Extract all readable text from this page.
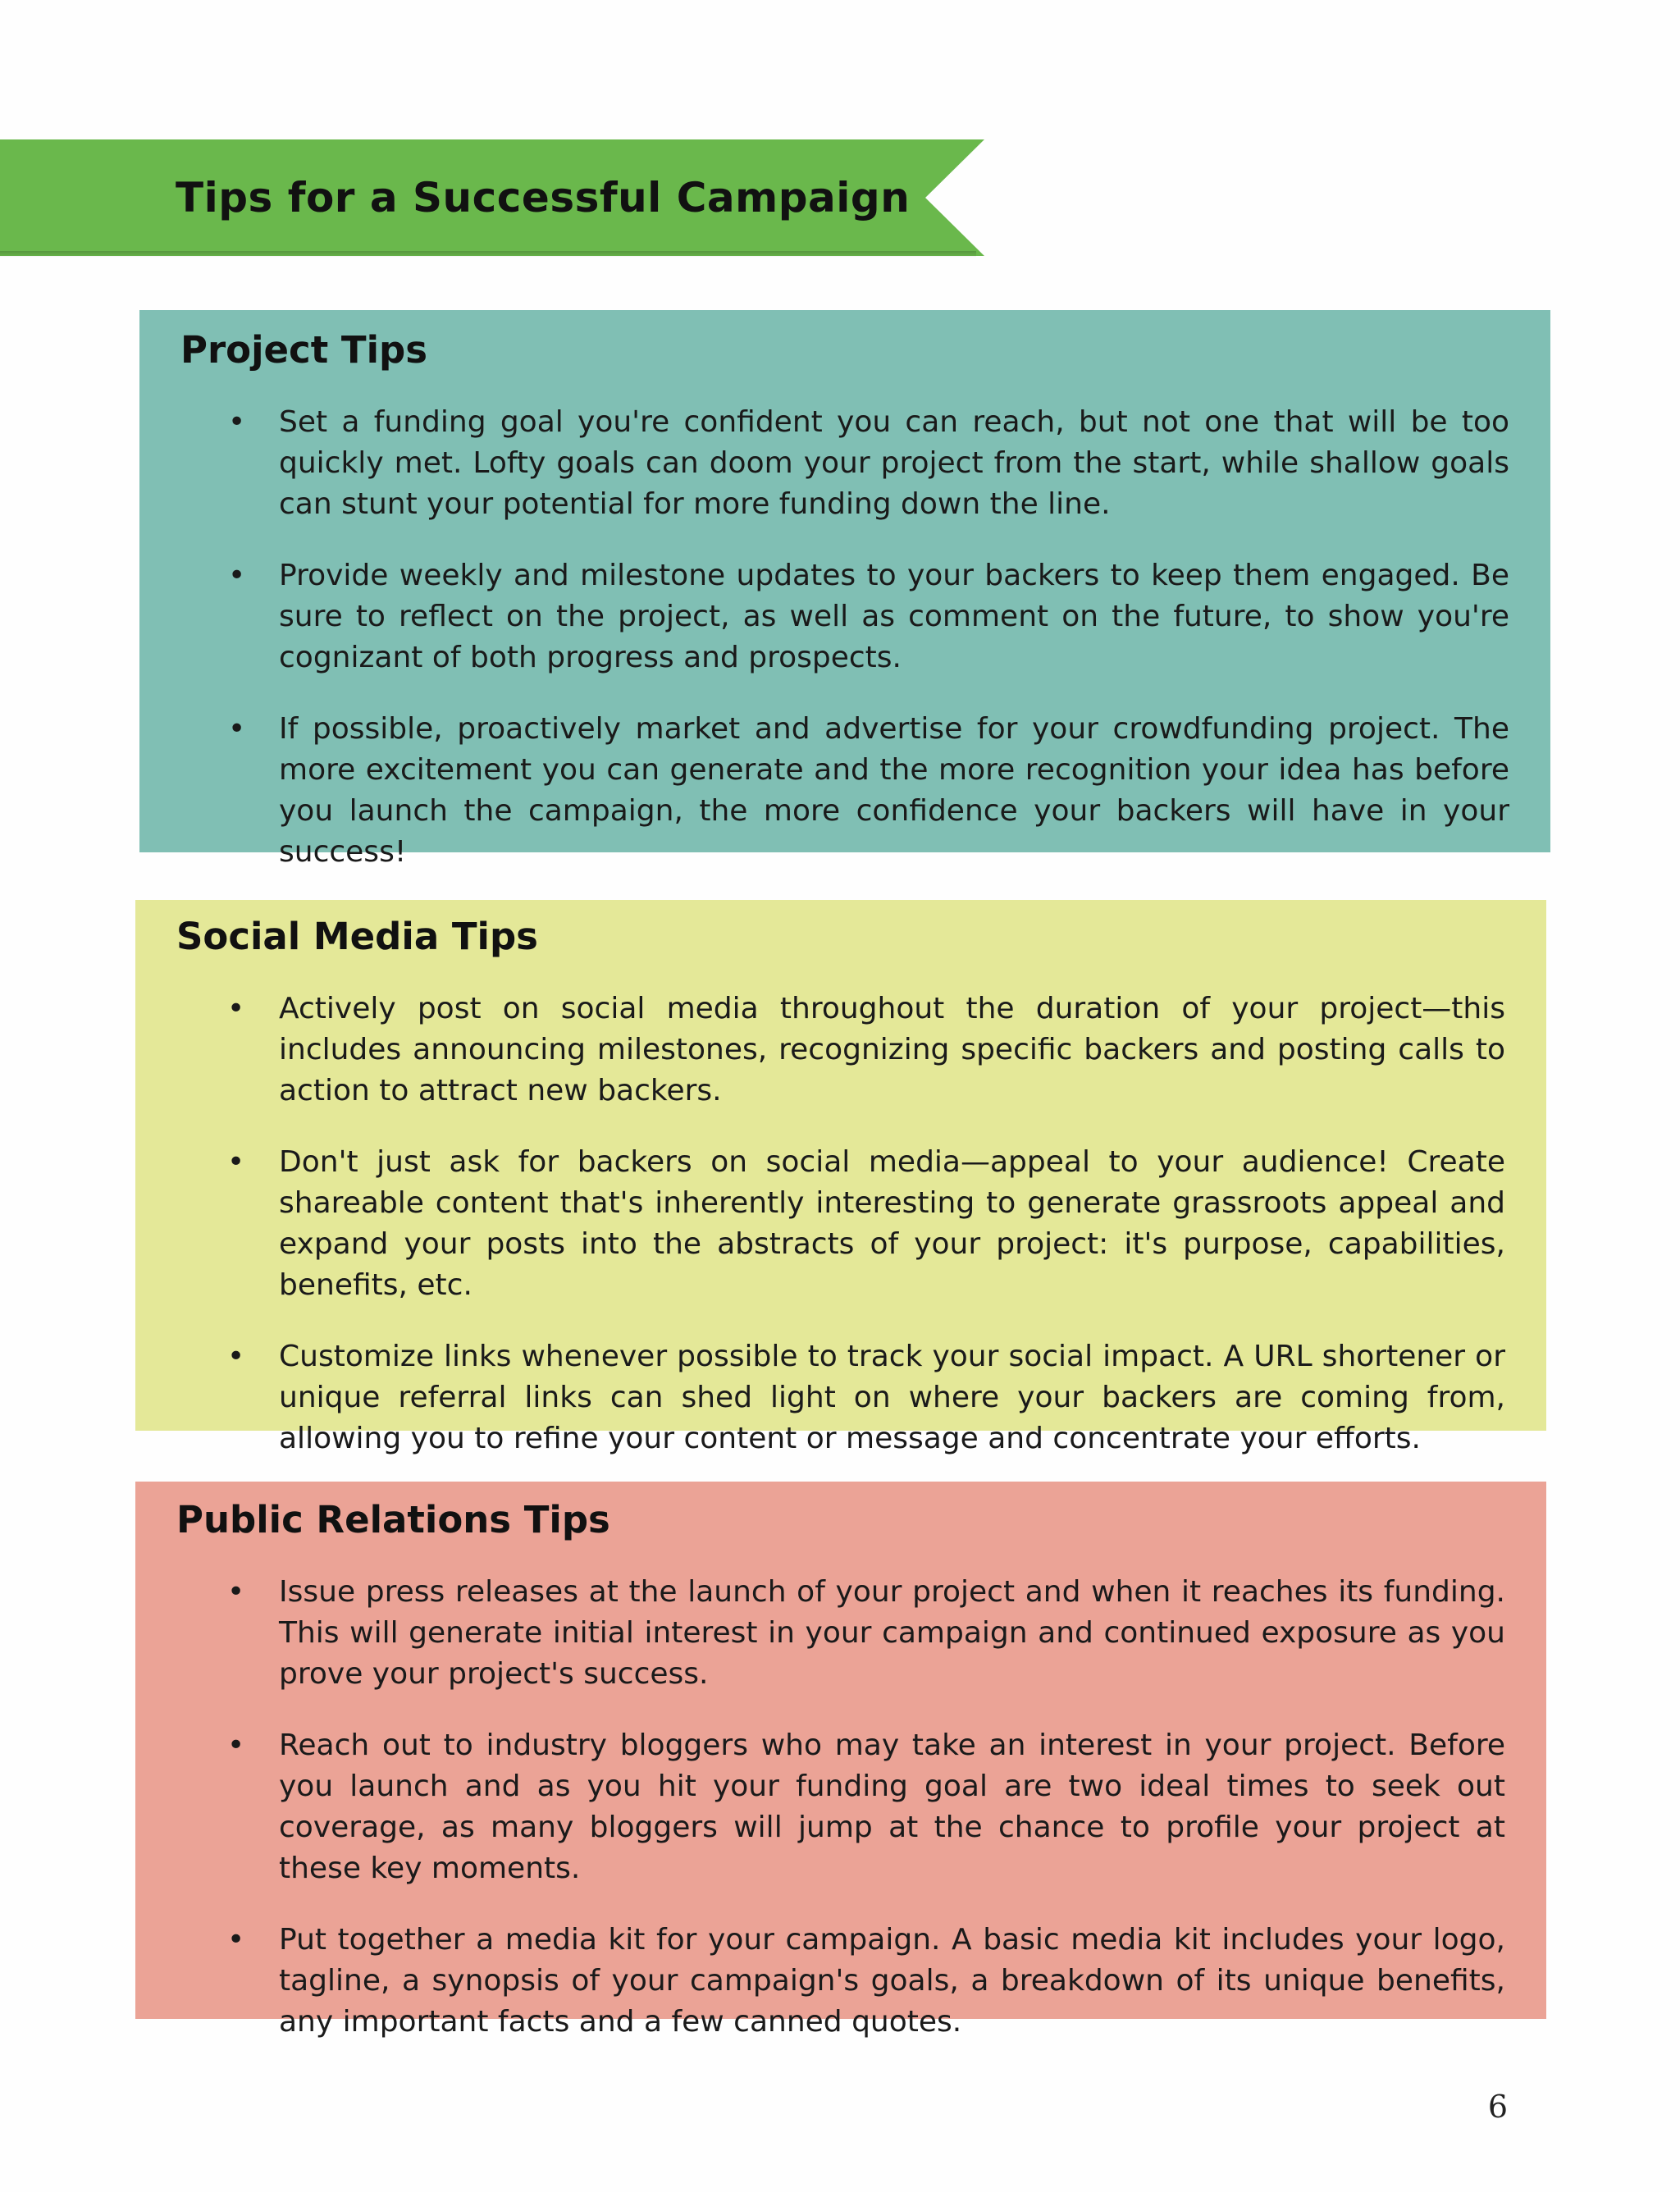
Tips for a Successful Campaign
Project Tips
• Set a funding goal you're confident you can reach, but not one that will be too quickly met. Lofty goals can doom your project from the start, while shallow goals can stunt your potential for more funding down the line.
• Provide weekly and milestone updates to your backers to keep them engaged. Be sure to reflect on the project, as well as comment on the future, to show you're cognizant of both progress and prospects.
• If possible, proactively market and advertise for your crowdfunding project. The more excitement you can generate and the more recognition your idea has before you launch the campaign, the more confidence your backers will have in your success!
Social Media Tips
• Actively post on social media throughout the duration of your project—this includes announcing milestones, recognizing specific backers and posting calls to action to attract new backers.
• Don't just ask for backers on social media—appeal to your audience! Create shareable content that's inherently interesting to generate grassroots appeal and expand your posts into the abstracts of your project: it's purpose, capabilities, benefits, etc.
• Customize links whenever possible to track your social impact. A URL shortener or unique referral links can shed light on where your backers are coming from, allowing you to refine your content or message and concentrate your efforts.
Public Relations Tips
• Issue press releases at the launch of your project and when it reaches its funding. This will generate initial interest in your campaign and continued exposure as you prove your project's success.
• Reach out to industry bloggers who may take an interest in your project. Before you launch and as you hit your funding goal are two ideal times to seek out coverage, as many bloggers will jump at the chance to profile your project at these key moments.
• Put together a media kit for your campaign. A basic media kit includes your logo, tagline, a synopsis of your campaign's goals, a breakdown of its unique benefits, any important facts and a few canned quotes.
6
